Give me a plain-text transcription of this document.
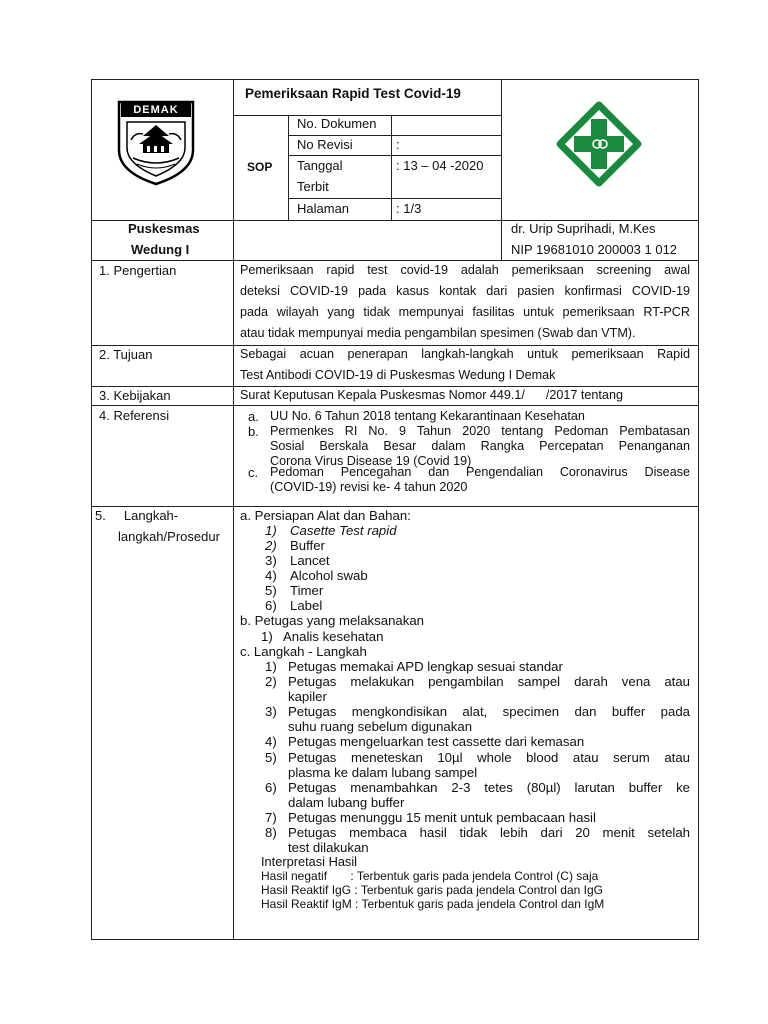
DEMAK
Pemeriksaan Rapid Test Covid-19
SOP
No. Dokumen
No Revisi	:
Tanggal
Terbit
: 13 – 04 -2020
Halaman	: 1/3
Puskesmas
Wedung I
dr. Urip Suprihadi, M.Kes
NIP 19681010 200003 1 012
1. Pengertian	Pemeriksaan rapid test covid-19 adalah pemeriksaan screening awal
deteksi COVID-19 pada kasus kontak dari pasien konfirmasi COVID-19
pada wilayah yang tidak mempunyai fasilitas untuk pemeriksaan RT-PCR
atau tidak mempunyai media pengambilan spesimen (Swab dan VTM).
2. Tujuan	Sebagai acuan penerapan langkah-langkah untuk pemeriksaan Rapid
Test Antibodi COVID-19 di Puskesmas Wedung I Demak
3. Kebijakan	Surat Keputusan Kepala Puskesmas Nomor 449.1/      /2017 tentang
4. Referensi	a. UU No. 6 Tahun 2018 tentang Kekarantinaan Kesehatan
b. Permenkes RI No. 9 Tahun 2020 tentang Pedoman Pembatasan
Sosial Berskala Besar dalam Rangka Percepatan Penanganan
Corona Virus Disease 19 (Covid 19)
c. Pedoman Pencegahan dan Pengendalian Coronavirus Disease
(COVID-19) revisi ke- 4 tahun 2020
5.     Langkah-
langkah/Prosedur
a. Persiapan Alat dan Bahan:
1) Casette Test rapid
2) Buffer
3) Lancet
4) Alcohol swab
5) Timer
6) Label
b. Petugas yang melaksanakan
1) Analis kesehatan
c. Langkah - Langkah
1) Petugas memakai APD lengkap sesuai standar
2) Petugas melakukan pengambilan sampel darah vena atau
kapiler
3) Petugas mengkondisikan alat, specimen dan buffer pada
suhu ruang sebelum digunakan
4) Petugas mengeluarkan test cassette dari kemasan
5) Petugas meneteskan 10µl whole blood atau serum atau
plasma ke dalam lubang sampel
6) Petugas menambahkan 2-3 tetes (80µl) larutan buffer ke
dalam lubang buffer
7) Petugas menunggu 15 menit untuk pembacaan hasil
8) Petugas membaca hasil tidak lebih dari 20 menit setelah
test dilakukan
Interpretasi Hasil
Hasil negatif       : Terbentuk garis pada jendela Control (C) saja
Hasil Reaktif IgG : Terbentuk garis pada jendela Control dan IgG
Hasil Reaktif IgM : Terbentuk garis pada jendela Control dan IgM
